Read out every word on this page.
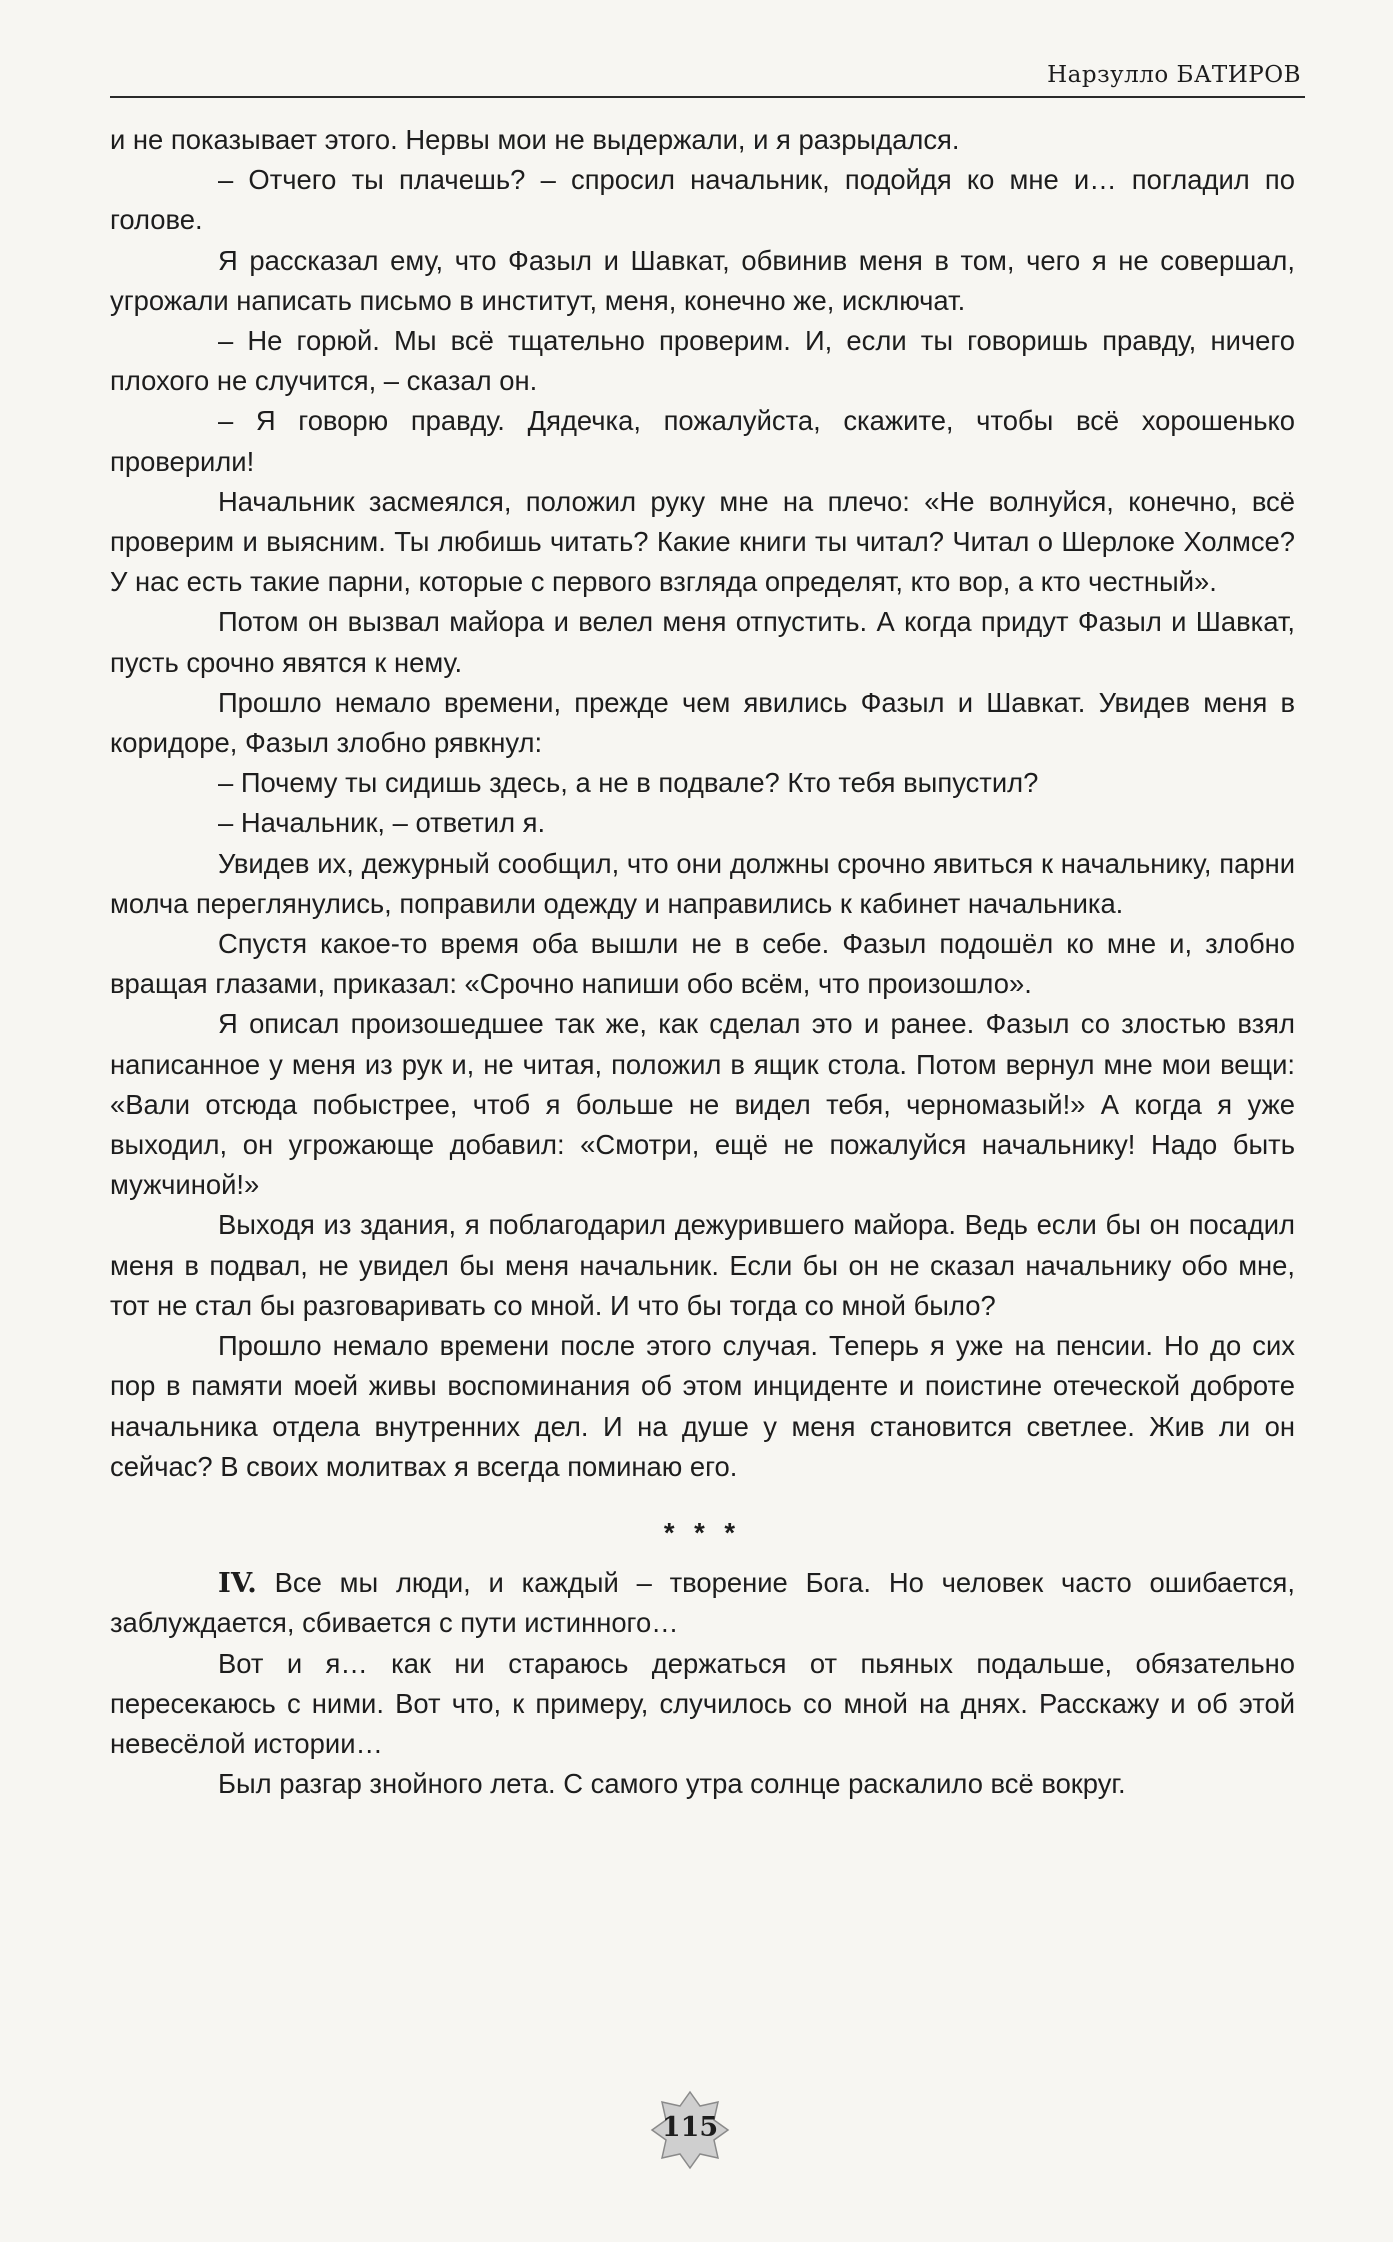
Нарзулло БАТИРОВ

и не показывает этого. Нервы мои не выдержали, и я разрыдался.

– Отчего ты плачешь? – спросил начальник, подойдя ко мне и… погладил по голове.

Я рассказал ему, что Фазыл и Шавкат, обвинив меня в том, чего я не совершал, угрожали написать письмо в институт, меня, конечно же, исключат.

– Не горюй. Мы всё тщательно проверим. И, если ты говоришь правду, ничего плохого не случится, – сказал он.

– Я говорю правду. Дядечка, пожалуйста, скажите, чтобы всё хорошенько проверили!

Начальник засмеялся, положил руку мне на плечо: «Не волнуйся, конечно, всё проверим и выясним. Ты любишь читать? Какие книги ты читал? Читал о Шерлоке Холмсе? У нас есть такие парни, которые с первого взгляда определят, кто вор, а кто честный».

Потом он вызвал майора и велел меня отпустить. А когда придут Фазыл и Шавкат, пусть срочно явятся к нему.

Прошло немало времени, прежде чем явились Фазыл и Шавкат. Увидев меня в коридоре, Фазыл злобно рявкнул:

– Почему ты сидишь здесь, а не в подвале? Кто тебя выпустил?

– Начальник, – ответил я.

Увидев их, дежурный сообщил, что они должны срочно явиться к начальнику, парни молча переглянулись, поправили одежду и направились к кабинет начальника.

Спустя какое-то время оба вышли не в себе. Фазыл подошёл ко мне и, злобно вращая глазами, приказал: «Срочно напиши обо всём, что произошло».

Я описал произошедшее так же, как сделал это и ранее. Фазыл со злостью взял написанное у меня из рук и, не читая, положил в ящик стола. Потом вернул мне мои вещи: «Вали отсюда побыстрее, чтоб я больше не видел тебя, черномазый!» А когда я уже выходил, он угрожающе добавил: «Смотри, ещё не пожалуйся начальнику! Надо быть мужчиной!»

Выходя из здания, я поблагодарил дежурившего майора. Ведь если бы он посадил меня в подвал, не увидел бы меня начальник. Если бы он не сказал начальнику обо мне, тот не стал бы разговаривать со мной. И что бы тогда со мной было?

Прошло немало времени после этого случая. Теперь я уже на пенсии. Но до сих пор в памяти моей живы воспоминания об этом инциденте и поистине отеческой доброте начальника отдела внутренних дел. И на душе у меня становится светлее. Жив ли он сейчас? В своих молитвах я всегда поминаю его.

* * *

IV. Все мы люди, и каждый – творение Бога. Но человек часто ошибается, заблуждается, сбивается с пути истинного…

Вот и я… как ни стараюсь держаться от пьяных подальше, обязательно пересекаюсь с ними. Вот что, к примеру, случилось со мной на днях. Расскажу и об этой невесёлой истории…

Был разгар знойного лета. С самого утра солнце раскалило всё вокруг.

115
